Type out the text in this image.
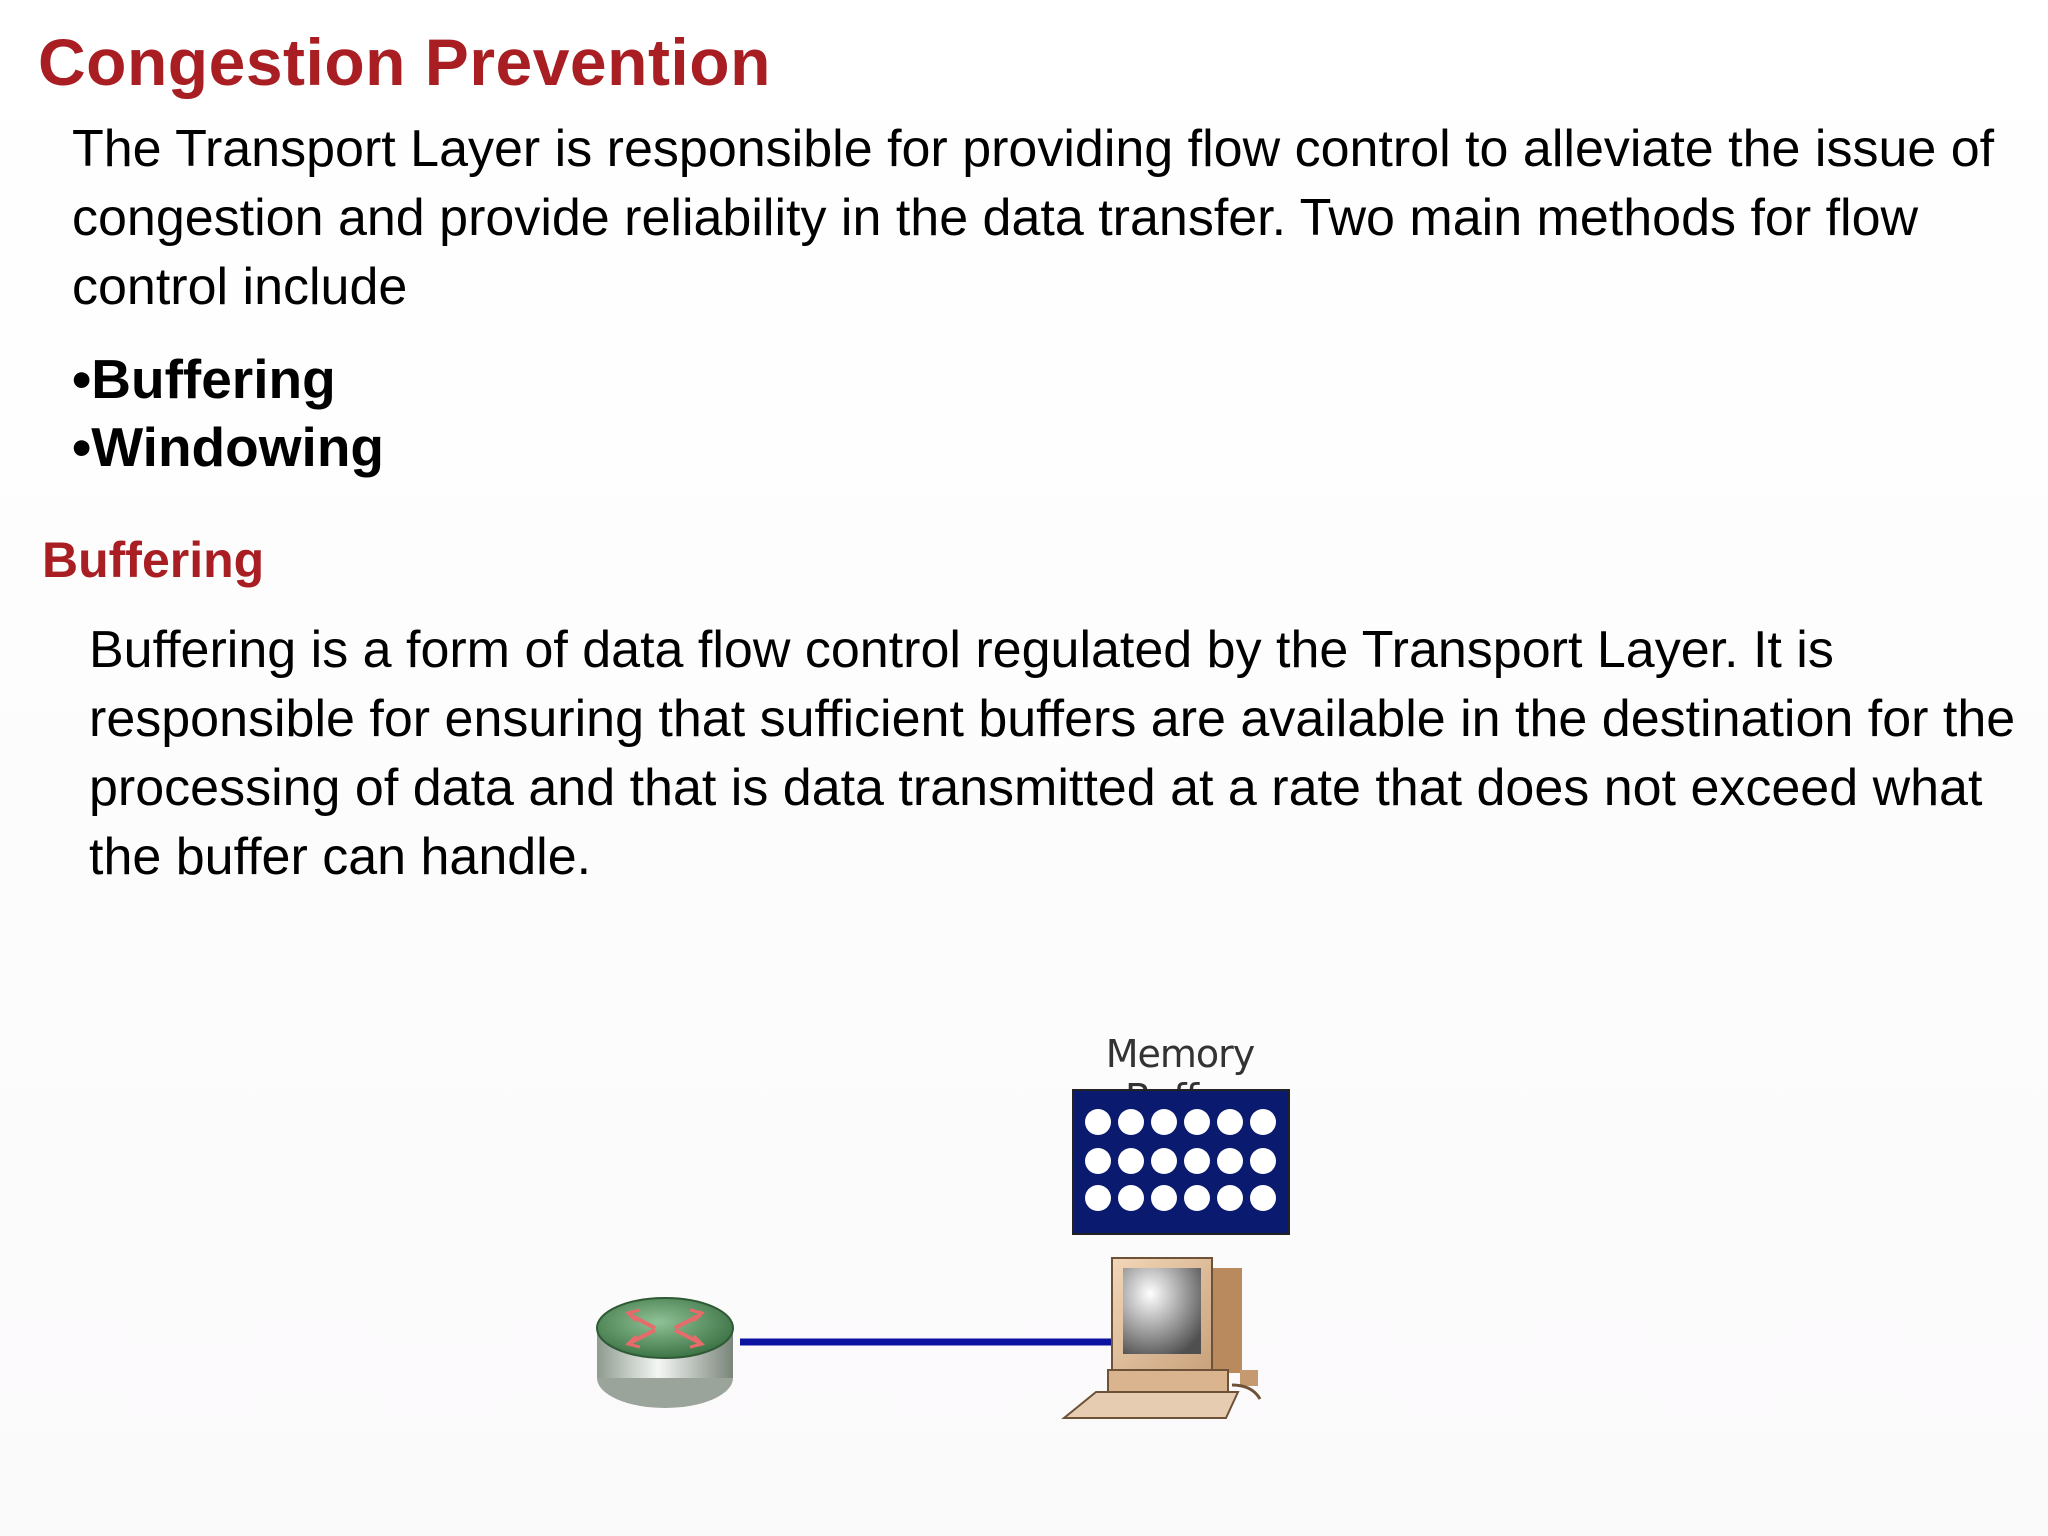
Congestion Prevention

The Transport Layer is responsible for providing flow control to alleviate the issue of congestion and provide reliability in the data transfer. Two main methods for flow control include

•Buffering
•Windowing
Buffering

Buffering is a form of data flow control regulated by the Transport Layer. It is responsible for ensuring that sufficient buffers are available in the destination for the processing of data and that is data transmitted at a rate that does not exceed what the buffer can handle.

Memory
